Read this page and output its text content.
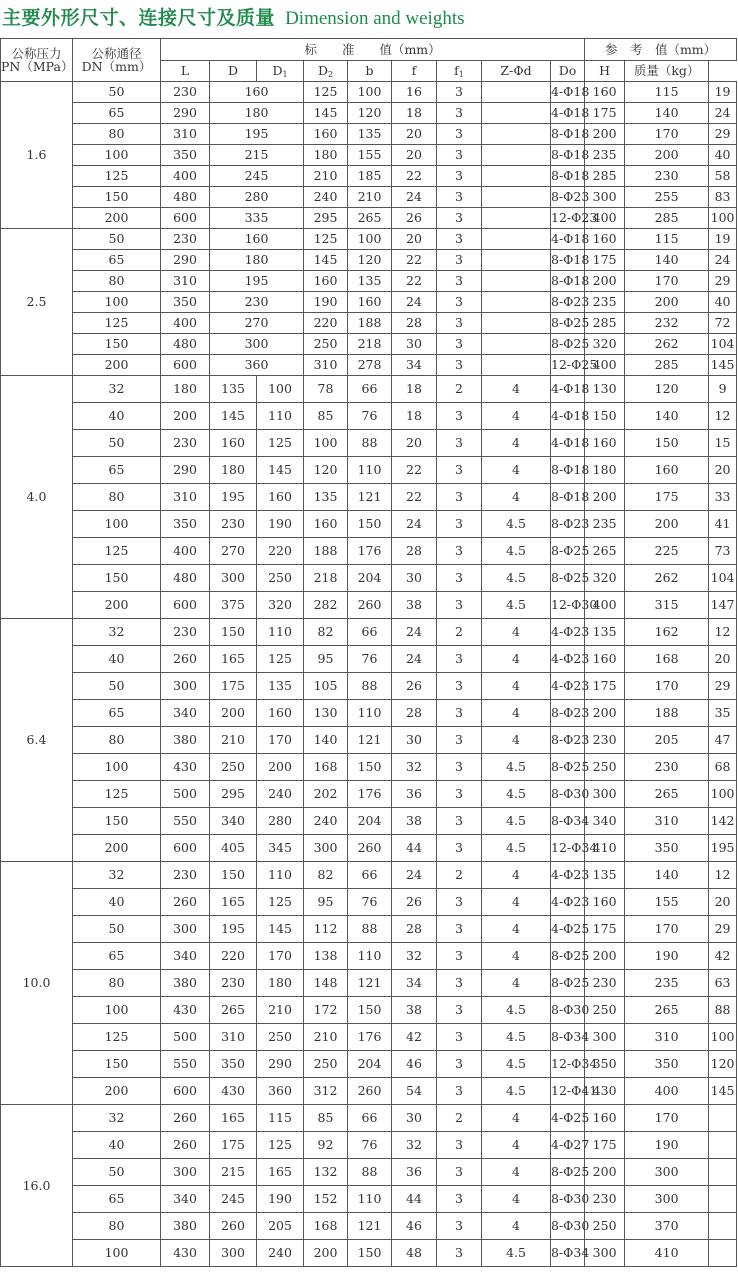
主要外形尺寸、连接尺寸及质量 Dimension and weights
公称压力
PN（MPa）	公称通径
DN（mm）	标　　准　　值（mm）									参　考　值（mm）		
		L	D	$D_1$	$D_2$	b	f	$f_1$	Z-Φd	Do	H	质量（kg）	
1.6	50	230	160		125	100	16	3		4-Φ18	160	115	19
	65	290	180		145	120	18	3		4-Φ18	175	140	24
	80	310	195		160	135	20	3		8-Φ18	200	170	29
	100	350	215		180	155	20	3		8-Φ18	235	200	40
	125	400	245		210	185	22	3		8-Φ18	285	230	58
	150	480	280		240	210	24	3		8-Φ23	300	255	83
	200	600	335		295	265	26	3		12-Φ23	400	285	100
2.5	50	230	160		125	100	20	3		4-Φ18	160	115	19
	65	290	180		145	120	22	3		8-Φ18	175	140	24
	80	310	195		160	135	22	3		8-Φ18	200	170	29
	100	350	230		190	160	24	3		8-Φ23	235	200	40
	125	400	270		220	188	28	3		8-Φ25	285	232	72
	150	480	300		250	218	30	3		8-Φ25	320	262	104
	200	600	360		310	278	34	3		12-Φ25	400	285	145
4.0	32	180	135	100	78	66	18	2	4	4-Φ18	130	120	9
	40	200	145	110	85	76	18	3	4	4-Φ18	150	140	12
	50	230	160	125	100	88	20	3	4	4-Φ18	160	150	15
	65	290	180	145	120	110	22	3	4	8-Φ18	180	160	20
	80	310	195	160	135	121	22	3	4	8-Φ18	200	175	33
	100	350	230	190	160	150	24	3	4.5	8-Φ23	235	200	41
	125	400	270	220	188	176	28	3	4.5	8-Φ25	265	225	73
	150	480	300	250	218	204	30	3	4.5	8-Φ25	320	262	104
	200	600	375	320	282	260	38	3	4.5	12-Φ30	400	315	147
6.4	32	230	150	110	82	66	24	2	4	4-Φ23	135	162	12
	40	260	165	125	95	76	24	3	4	4-Φ23	160	168	20
	50	300	175	135	105	88	26	3	4	4-Φ23	175	170	29
	65	340	200	160	130	110	28	3	4	8-Φ23	200	188	35
	80	380	210	170	140	121	30	3	4	8-Φ23	230	205	47
	100	430	250	200	168	150	32	3	4.5	8-Φ25	250	230	68
	125	500	295	240	202	176	36	3	4.5	8-Φ30	300	265	100
	150	550	340	280	240	204	38	3	4.5	8-Φ34	340	310	142
	200	600	405	345	300	260	44	3	4.5	12-Φ34	410	350	195
10.0	32	230	150	110	82	66	24	2	4	4-Φ23	135	140	12
	40	260	165	125	95	76	26	3	4	4-Φ23	160	155	20
	50	300	195	145	112	88	28	3	4	4-Φ25	175	170	29
	65	340	220	170	138	110	32	3	4	8-Φ25	200	190	42
	80	380	230	180	148	121	34	3	4	8-Φ25	230	235	63
	100	430	265	210	172	150	38	3	4.5	8-Φ30	250	265	88
	125	500	310	250	210	176	42	3	4.5	8-Φ34	300	310	100
	150	550	350	290	250	204	46	3	4.5	12-Φ34	350	350	120
	200	600	430	360	312	260	54	3	4.5	12-Φ41	430	400	145
16.0	32	260	165	115	85	66	30	2	4	4-Φ25	160	170	
	40	260	175	125	92	76	32	3	4	4-Φ27	175	190	
	50	300	215	165	132	88	36	3	4	8-Φ25	200	300	
	65	340	245	190	152	110	44	3	4	8-Φ30	230	300	
	80	380	260	205	168	121	46	3	4	8-Φ30	250	370	
	100	430	300	240	200	150	48	3	4.5	8-Φ34	300	410	
